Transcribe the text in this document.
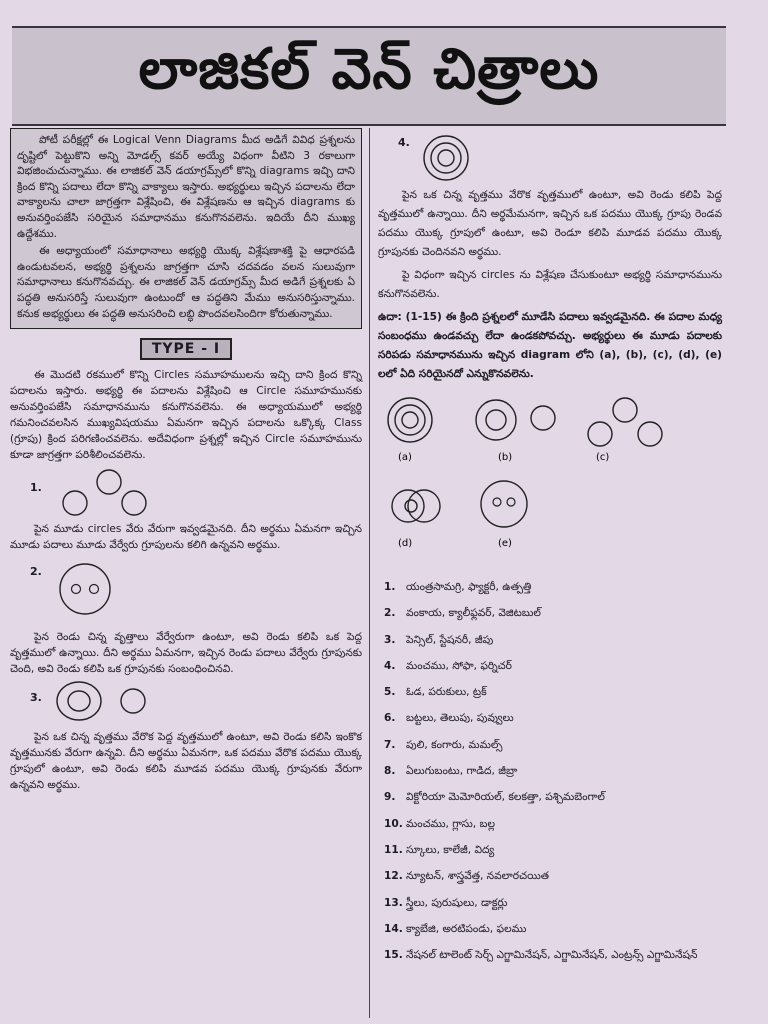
లాజికల్ వెన్ చిత్రాలు

పోటీ పరీక్షల్లో ఈ Logical Venn Diagrams మీద అడిగే వివిధ ప్రశ్నలను దృష్టిలో పెట్టుకొని అన్ని మోడల్స్ కవర్ అయ్యే విధంగా వీటిని 3 రకాలుగా విభజించుచున్నాము. ఈ లాజికల్ వెన్ డయాగ్రమ్స్‌లో కొన్ని diagrams ఇచ్చి దాని క్రింద కొన్ని పదాలు లేదా కొన్ని వాక్యాలు ఇస్తారు. అభ్యర్థులు ఇచ్చిన పదాలను లేదా వాక్యాలను చాలా జాగ్రత్తగా విశ్లేషించి, ఈ విశ్లేషణను ఆ ఇచ్చిన diagrams కు అనువర్తింపజేసి సరియైన సమాధానము కనుగొనవలెను. ఇదియే దీని ముఖ్య ఉద్దేశము.

ఈ అధ్యాయంలో సమాధానాలు అభ్యర్థి యొక్క విశ్లేషణాశక్తి పై ఆధారపడి ఉండుటవలన, అభ్యర్థి ప్రశ్నలను జాగ్రత్తగా చూసి చదవడం వలన సులువుగా సమాధానాలు కనుగొనవచ్చు. ఈ లాజికల్ వెన్ డయాగ్రమ్స్ మీద అడిగే ప్రశ్నలకు ఏ పద్ధతి అనుసరిస్తే సులువుగా ఉంటుందో ఆ పద్ధతిని మేము అనుసరిస్తున్నాము. కనుక అభ్యర్థులు ఈ పద్ధతి అనుసరించి లబ్ధి పొందవలసిందిగా కోరుతున్నాము.

TYPE - I

ఈ మొదటి రకములో కొన్ని Circles సమూహములను ఇచ్చి దాని క్రింద కొన్ని పదాలను ఇస్తారు. అభ్యర్థి ఈ పదాలను విశ్లేషించి ఆ Circle సమూహమునకు అనువర్తింపజేసి సమాధానమును కనుగొనవలెను. ఈ అధ్యాయములో అభ్యర్థి గమనించవలసిన ముఖ్యవిషయము ఏమనగా ఇచ్చిన పదాలను ఒక్కొక్క Class (గ్రూపు) క్రింద పరిగణించవలెను. అదేవిధంగా ప్రశ్నల్లో ఇచ్చిన Circle సమూహమును కూడా జాగ్రత్తగా పరిశీలించవలెను.

1.

పైన మూడు circles వేరు వేరుగా ఇవ్వడమైనది. దీని అర్థము ఏమనగా ఇచ్చిన మూడు పదాలు మూడు వేర్వేరు గ్రూపులను కలిగి ఉన్నవని అర్థము.

2.

పైన రెండు చిన్న వృత్తాలు వేర్వేరుగా ఉంటూ, అవి రెండు కలిపి ఒక పెద్ద వృత్తములో ఉన్నాయి. దీని అర్థము ఏమనగా, ఇచ్చిన రెండు పదాలు వేర్వేరు గ్రూపునకు చెంది, అవి రెండు కలిపి ఒక గ్రూపునకు సంబంధించినవి.

3.

పైన ఒక చిన్న వృత్తము వేరొక పెద్ద వృత్తములో ఉంటూ, అవి రెండు కలిసి ఇంకొక వృత్తమునకు వేరుగా ఉన్నవి. దీని అర్థము ఏమనగా, ఒక పదము వేరొక పదము యొక్క గ్రూపులో ఉంటూ, అవి రెండు కలిపి మూడవ పదము యొక్క గ్రూపునకు వేరుగా ఉన్నవని అర్థము.

4.

పైన ఒక చిన్న వృత్తము వేరొక వృత్తములో ఉంటూ, అవి రెండు కలిపి పెద్ద వృత్తములో ఉన్నాయి. దీని అర్థమేమనగా, ఇచ్చిన ఒక పదము యొక్క గ్రూపు రెండవ పదము యొక్క గ్రూపులో ఉంటూ, అవి రెండూ కలిపి మూడవ పదము యొక్క గ్రూపునకు చెందినవని అర్థము.

పై విధంగా ఇచ్చిన circles ను విశ్లేషణ చేసుకుంటూ అభ్యర్థి సమాధానమును కనుగొనవలెను.

ఉదా: (1-15) ఈ క్రింది ప్రశ్నలలో మూడేసి పదాలు ఇవ్వడమైనది. ఈ పదాల మధ్య సంబంధము ఉండవచ్చు లేదా ఉండకపోవచ్చు. అభ్యర్థులు ఈ మూడు పదాలకు సరిపడు సమాధానమును ఇచ్చిన diagram లోని (a), (b), (c), (d), (e) లలో ఏది సరియైనదో ఎన్నుకొనవలెను.

(a)	(b)	(c)
(d)	(e)
1. యంత్రసామగ్రి, ఫ్యాక్టరీ, ఉత్పత్తి
2. వంకాయ, క్యాలీఫ్లవర్, వెజిటబుల్
3. పెన్సిల్, స్టేషనరీ, జీపు
4. మంచము, సోఫా, ఫర్నిచర్
5. ఓడ, పరుకులు, ట్రక్
6. బట్టలు, తెలుపు, పువ్వులు
7. పులి, కంగారు, మమల్స్
8. ఏలుగుబంటు, గాడిద, జీబ్రా
9. విక్టోరియా మెమోరియల్, కలకత్తా, పశ్చిమబెంగాల్
10. మంచము, గ్లాసు, బల్ల
11. స్కూలు, కాలేజీ, విద్య
12. న్యూటన్, శాస్త్రవేత్త, నవలారచయిత
13. స్త్రీలు, పురుషులు, డాక్టర్లు
14. క్యాబేజి, అరటిపండు, ఫలము
15. నేషనల్ టాలెంట్ సెర్చ్ ఎగ్జామినేషన్, ఎగ్జామినేషన్, ఎంట్రన్స్ ఎగ్జామినేషన్
